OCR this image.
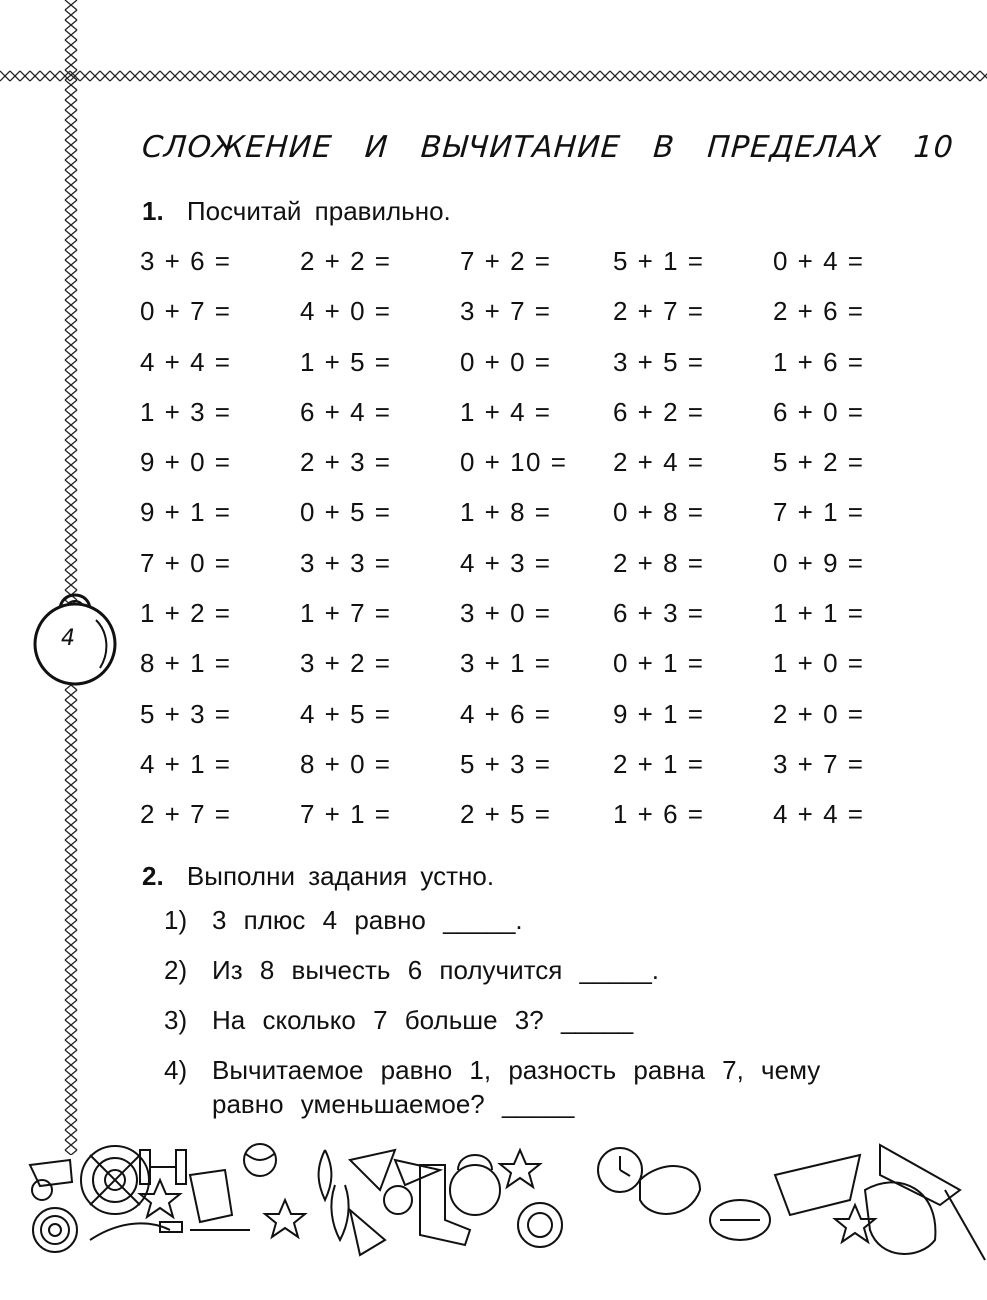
4
СЛОЖЕНИЕ И ВЫЧИТАНИЕ В ПРЕДЕЛАХ 10
1. Посчитай правильно.
3 + 6 =	2 + 2 =	7 + 2 =	5 + 1 =	0 + 4 =
0 + 7 =	4 + 0 =	3 + 7 =	2 + 7 =	2 + 6 =
4 + 4 =	1 + 5 =	0 + 0 =	3 + 5 =	1 + 6 =
1 + 3 =	6 + 4 =	1 + 4 =	6 + 2 =	6 + 0 =
9 + 0 =	2 + 3 =	0 + 10 =	2 + 4 =	5 + 2 =
9 + 1 =	0 + 5 =	1 + 8 =	0 + 8 =	7 + 1 =
7 + 0 =	3 + 3 =	4 + 3 =	2 + 8 =	0 + 9 =
1 + 2 =	1 + 7 =	3 + 0 =	6 + 3 =	1 + 1 =
8 + 1 =	3 + 2 =	3 + 1 =	0 + 1 =	1 + 0 =
5 + 3 =	4 + 5 =	4 + 6 =	9 + 1 =	2 + 0 =
4 + 1 =	8 + 0 =	5 + 3 =	2 + 1 =	3 + 7 =
2 + 7 =	7 + 1 =	2 + 5 =	1 + 6 =	4 + 4 =
2. Выполни задания устно.
1) 3 плюс 4 равно _____.
2) Из 8 вычесть 6 получится _____.
3) На сколько 7 больше 3? _____
4) Вычитаемое равно 1, разность равна 7, чему равно уменьшаемое? _____
